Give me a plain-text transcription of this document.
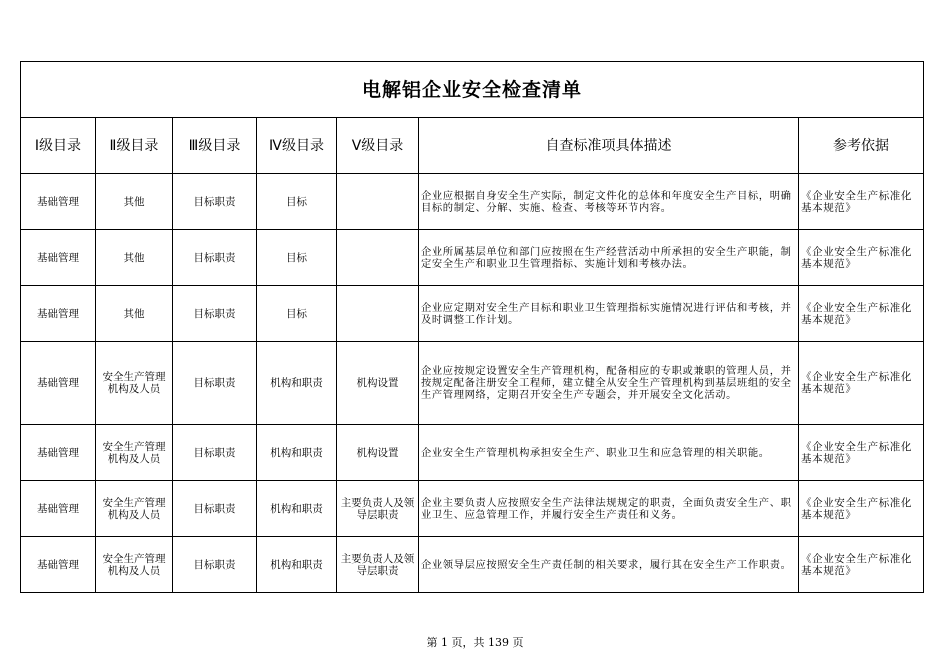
电解铝企业安全检查清单						
Ⅰ级目录	Ⅱ级目录	Ⅲ级目录	Ⅳ级目录	Ⅴ级目录	自查标准项具体描述	参考依据
基础管理	其他	目标职责	目标		企业应根据自身安全生产实际，制定文件化的总体和年度安全生产目标，明确目标的制定、分解、实施、检查、考核等环节内容。	《企业安全生产标准化基本规范》
基础管理	其他	目标职责	目标		企业所属基层单位和部门应按照在生产经营活动中所承担的安全生产职能，制定安全生产和职业卫生管理指标、实施计划和考核办法。	《企业安全生产标准化基本规范》
基础管理	其他	目标职责	目标		企业应定期对安全生产目标和职业卫生管理指标实施情况进行评估和考核，并及时调整工作计划。	《企业安全生产标准化基本规范》
基础管理	安全生产管理机构及人员	目标职责	机构和职责	机构设置	企业应按规定设置安全生产管理机构，配备相应的专职或兼职的管理人员，并按规定配备注册安全工程师，建立健全从安全生产管理机构到基层班组的安全生产管理网络，定期召开安全生产专题会，并开展安全文化活动。	《企业安全生产标准化基本规范》
基础管理	安全生产管理机构及人员	目标职责	机构和职责	机构设置	企业安全生产管理机构承担安全生产、职业卫生和应急管理的相关职能。	《企业安全生产标准化基本规范》
基础管理	安全生产管理机构及人员	目标职责	机构和职责	主要负责人及领导层职责	企业主要负责人应按照安全生产法律法规规定的职责，全面负责安全生产、职业卫生、应急管理工作，并履行安全生产责任和义务。	《企业安全生产标准化基本规范》
基础管理	安全生产管理机构及人员	目标职责	机构和职责	主要负责人及领导层职责	企业领导层应按照安全生产责任制的相关要求，履行其在安全生产工作职责。	《企业安全生产标准化基本规范》
第 1 页，共 139 页
